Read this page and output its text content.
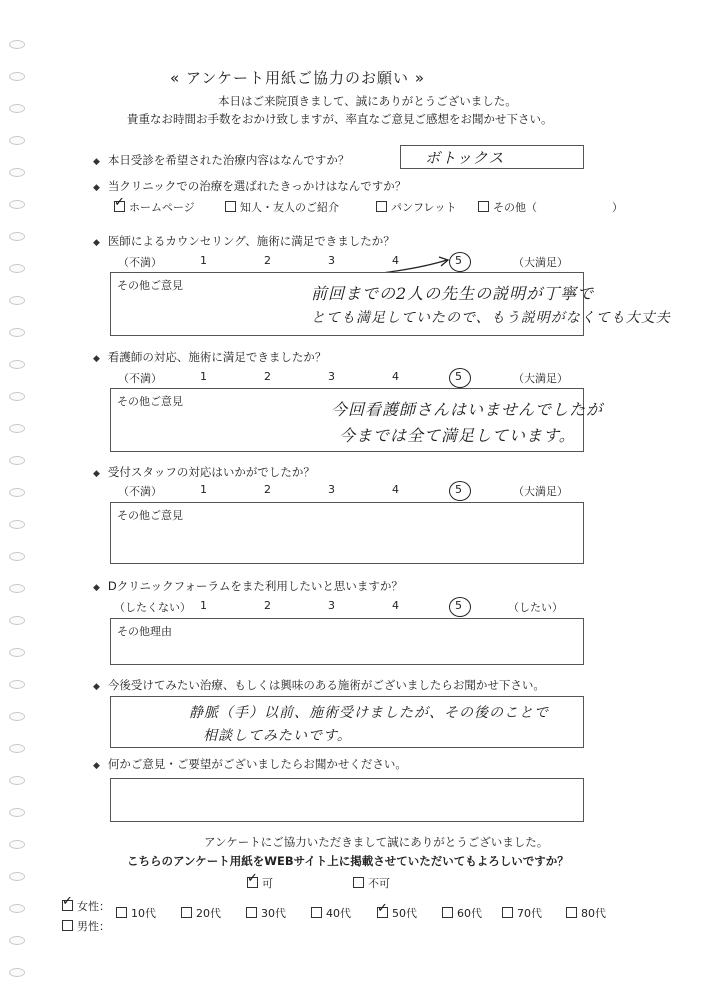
« アンケート用紙ご協力のお願い »
本日はご来院頂きまして、誠にありがとうございました。
貴重なお時間お手数をおかけ致しますが、率直なご意見ご感想をお聞かせ下さい。
◆ 本日受診を希望された治療内容はなんですか？	ボトックス
◆ 当クリニックでの治療を選ばれたきっかけはなんですか？
✓ ホームページ	知人・友人のご紹介	パンフレット	その他（	）
◆ 医師によるカウンセリング、施術に満足できましたか？
（不満）	1	2	3	4	5	（大満足）
その他ご意見	前回までの2人の先生の説明が丁寧で
とても満足していたので、もう説明がなくても大丈夫
◆ 看護師の対応、施術に満足できましたか？
（不満）	1	2	3	4	5	（大満足）
その他ご意見	今回看護師さんはいませんでしたが
今までは全て満足しています。
◆ 受付スタッフの対応はいかがでしたか？
（不満）	1	2	3	4	5	（大満足）
その他ご意見
◆ Dクリニックフォーラムをまた利用したいと思いますか？
（したくない） 1	2	3	4	5	（したい）
その他理由
◆ 今後受けてみたい治療、もしくは興味のある施術がございましたらお聞かせ下さい。
静脈（手）以前、施術受けましたが、その後のことで
相談してみたいです。
◆ 何かご意見・ご要望がございましたらお聞かせください。
アンケートにご協力いただきまして誠にありがとうございました。
こちらのアンケート用紙をWEBサイト上に掲載させていただいてもよろしいですか？
✓ 可	不可
✓ 女性：
男性：
10代	20代	30代	40代 ✓ 50代	60代	70代	80代
